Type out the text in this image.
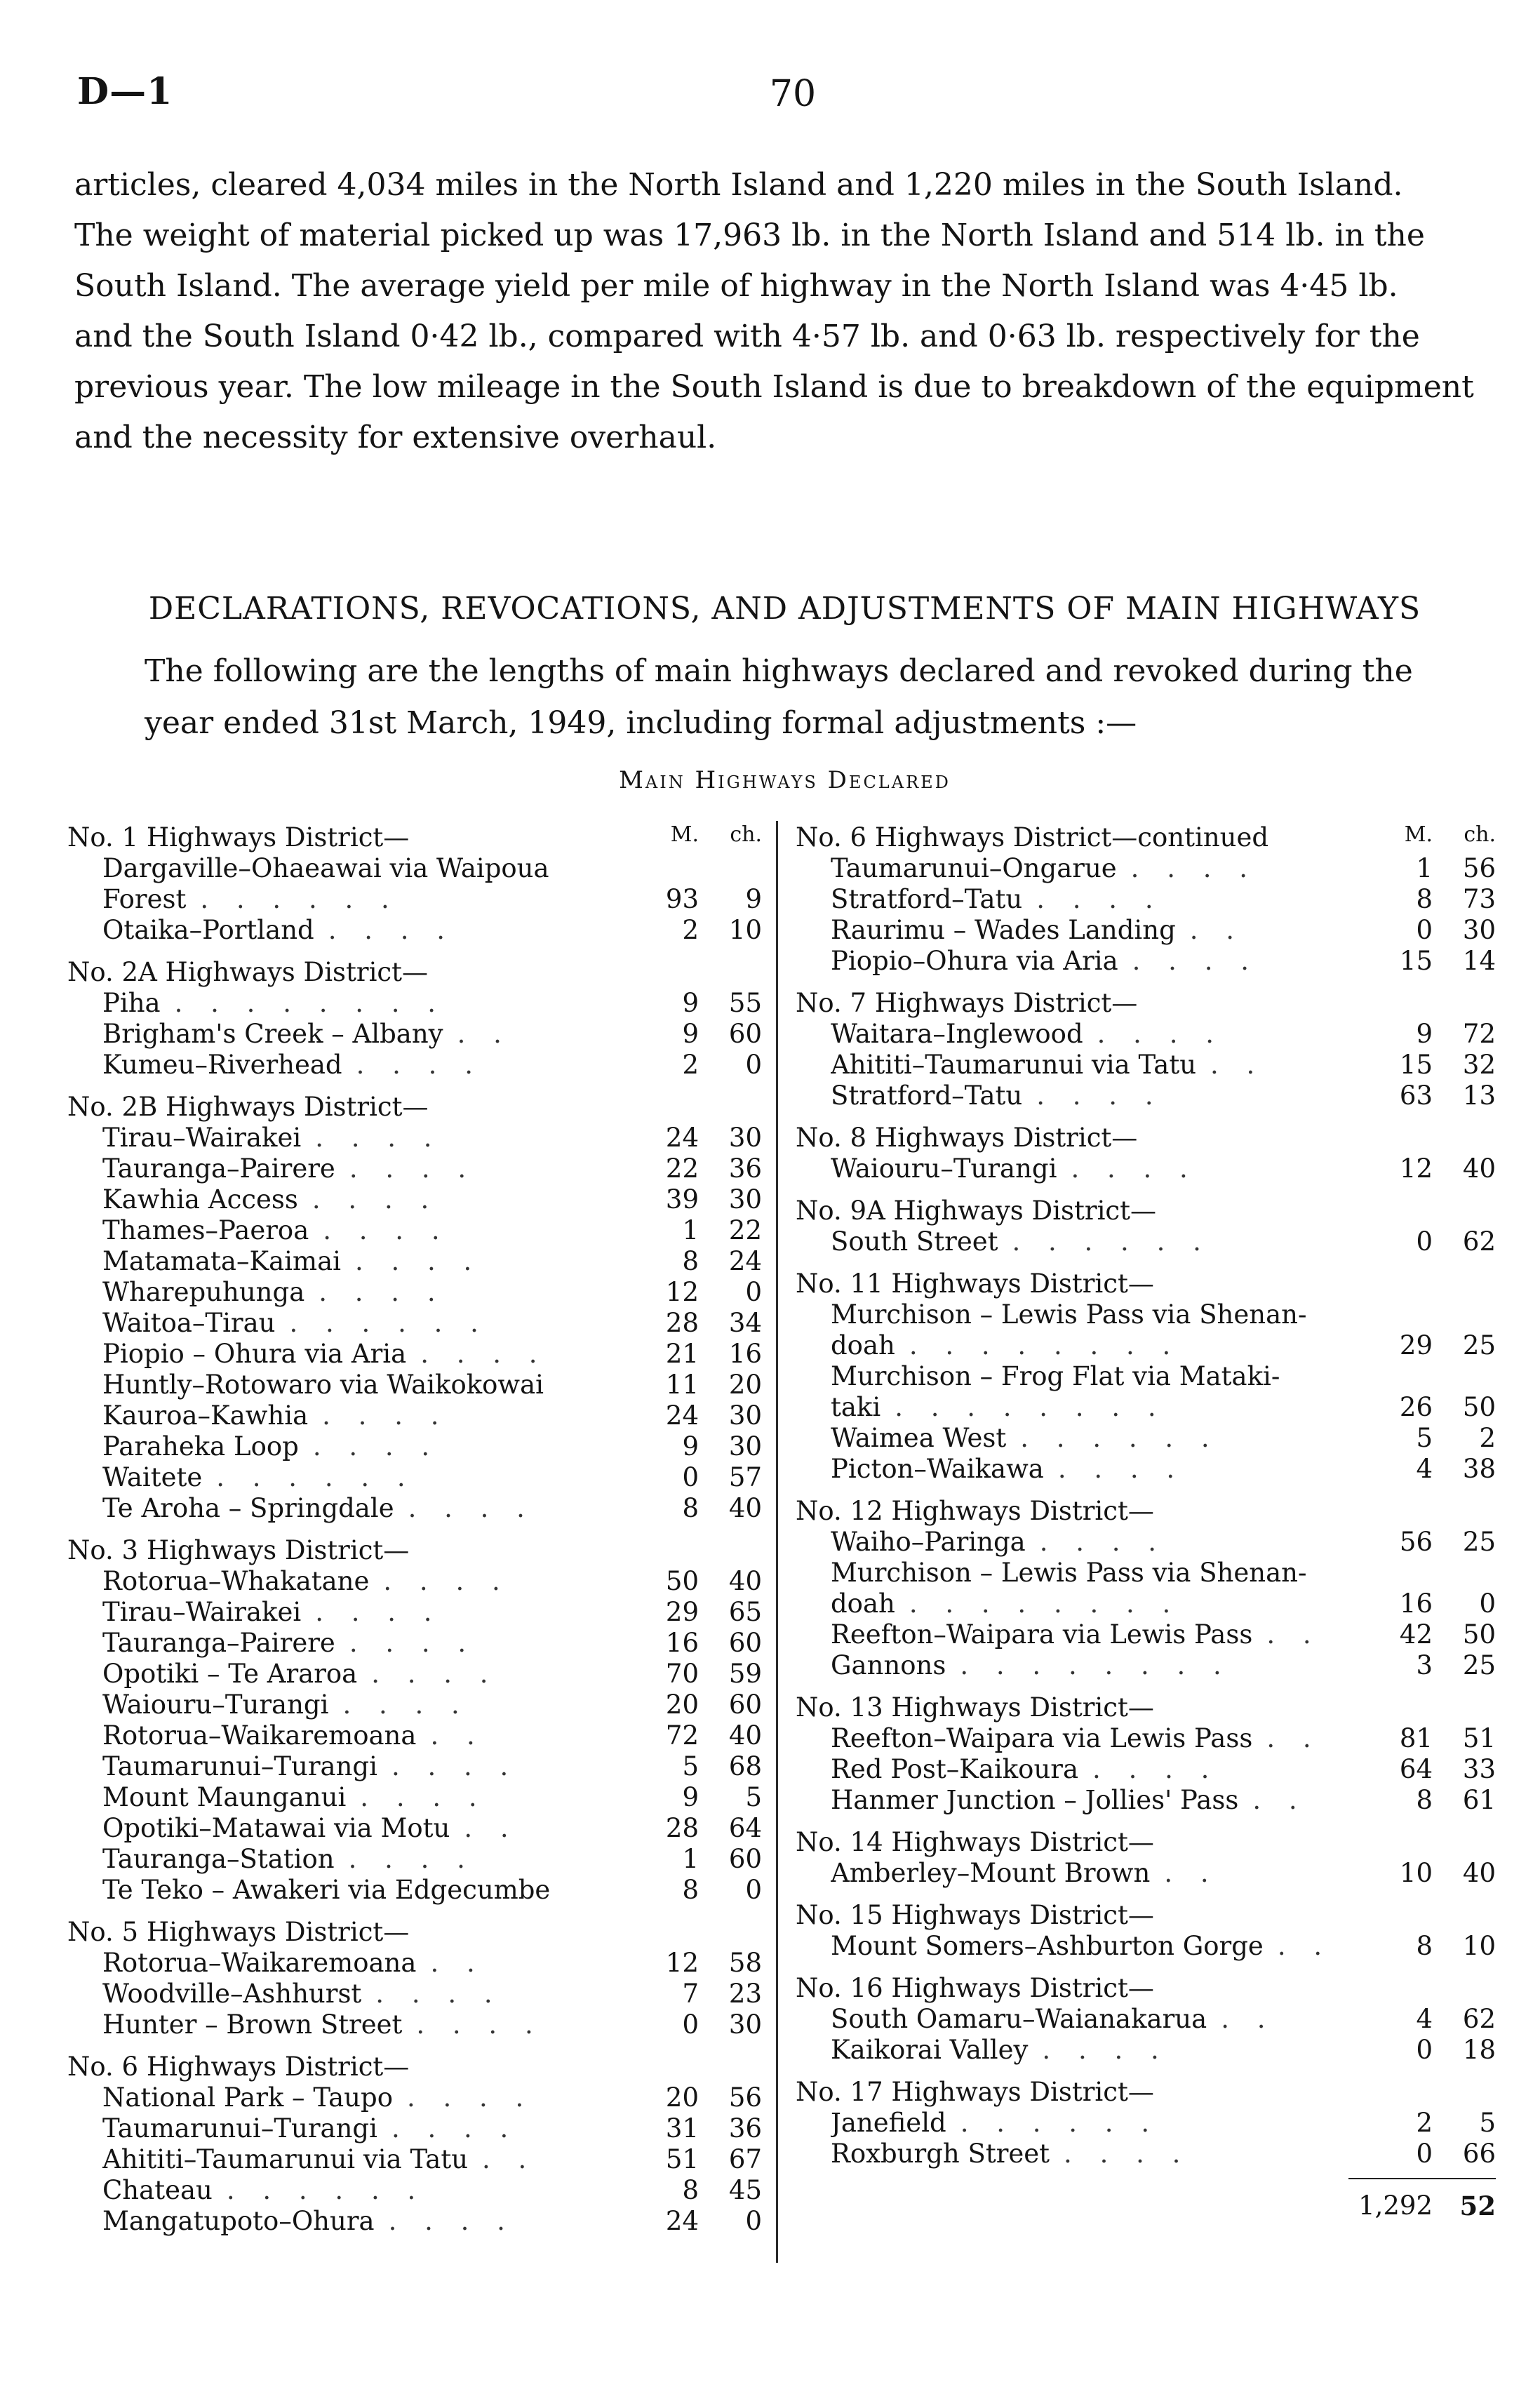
D—1	70

articles, cleared 4,034 miles in the North Island and 1,220 miles in the South Island.

The weight of material picked up was 17,963 lb. in the North Island and 514 lb. in the

South Island. The average yield per mile of highway in the North Island was 4·45 lb.

and the South Island 0·42 lb., compared with 4·57 lb. and 0·63 lb. respectively for the

previous year. The low mileage in the South Island is due to breakdown of the equipment

and the necessity for extensive overhaul.

DECLARATIONS, REVOCATIONS, AND ADJUSTMENTS OF MAIN HIGHWAYS

The following are the lengths of main highways declared and revoked during the

year ended 31st March, 1949, including formal adjustments :—

Main Highways Declared
M.	ch.
No. 1 Highways District—
Dargaville–Ohaeawai via Waipoua
Forest . . . . . .	93	9
Otaika–Portland . . . .	2	10
No. 2A Highways District—
Piha . . . . . . . .	9	55
Brigham's Creek – Albany . .	9	60
Kumeu–Riverhead . . . .	2	0
No. 2B Highways District—
Tirau–Wairakei . . . .	24	30
Tauranga–Pairere . . . .	22	36
Kawhia Access . . . .	39	30
Thames–Paeroa . . . .	1	22
Matamata–Kaimai . . . .	8	24
Wharepuhunga . . . .	12	0
Waitoa–Tirau . . . . . .	28	34
Piopio – Ohura via Aria . . . .	21	16
Huntly–Rotowaro via Waikokowai	11	20
Kauroa–Kawhia . . . .	24	30
Paraheka Loop . . . .	9	30
Waitete . . . . . .	0	57
Te Aroha – Springdale . . . .	8	40
No. 3 Highways District—
Rotorua–Whakatane . . . .	50	40
Tirau–Wairakei . . . .	29	65
Tauranga–Pairere . . . .	16	60
Opotiki – Te Araroa . . . .	70	59
Waiouru–Turangi . . . .	20	60
Rotorua–Waikaremoana . .	72	40
Taumarunui–Turangi . . . .	5	68
Mount Maunganui . . . .	9	5
Opotiki–Matawai via Motu . .	28	64
Tauranga–Station . . . .	1	60
Te Teko – Awakeri via Edgecumbe	8	0
No. 5 Highways District—
Rotorua–Waikaremoana . .	12	58
Woodville–Ashhurst . . . .	7	23
Hunter – Brown Street . . . .	0	30
No. 6 Highways District—
National Park – Taupo . . . .	20	56
Taumarunui–Turangi . . . .	31	36
Ahititi–Taumarunui via Tatu . .	51	67
Chateau . . . . . .	8	45
Mangatupoto–Ohura . . . .	24	0
M.	ch.
No. 6 Highways District—continued
Taumarunui–Ongarue . . . .	1	56
Stratford–Tatu . . . .	8	73
Raurimu – Wades Landing . .	0	30
Piopio–Ohura via Aria . . . .	15	14
No. 7 Highways District—
Waitara–Inglewood . . . .	9	72
Ahititi–Taumarunui via Tatu . .	15	32
Stratford–Tatu . . . .	63	13
No. 8 Highways District—
Waiouru–Turangi . . . .	12	40
No. 9A Highways District—
South Street . . . . . .	0	62
No. 11 Highways District—
Murchison – Lewis Pass via Shenan-
doah . . . . . . . .	29	25
Murchison – Frog Flat via Mataki-
taki . . . . . . . .	26	50
Waimea West . . . . . .	5	2
Picton–Waikawa . . . .	4	38
No. 12 Highways District—
Waiho–Paringa . . . .	56	25
Murchison – Lewis Pass via Shenan-
doah . . . . . . . .	16	0
Reefton–Waipara via Lewis Pass . .	42	50
Gannons . . . . . . . .	3	25
No. 13 Highways District—
Reefton–Waipara via Lewis Pass . .	81	51
Red Post–Kaikoura . . . .	64	33
Hanmer Junction – Jollies' Pass . .	8	61
No. 14 Highways District—
Amberley–Mount Brown . .	10	40
No. 15 Highways District—
Mount Somers–Ashburton Gorge . .	8	10
No. 16 Highways District—
South Oamaru–Waianakarua . .	4	62
Kaikorai Valley . . . .	0	18
No. 17 Highways District—
Janefield . . . . . .	2	5
Roxburgh Street . . . .	0	66
1,292	52
